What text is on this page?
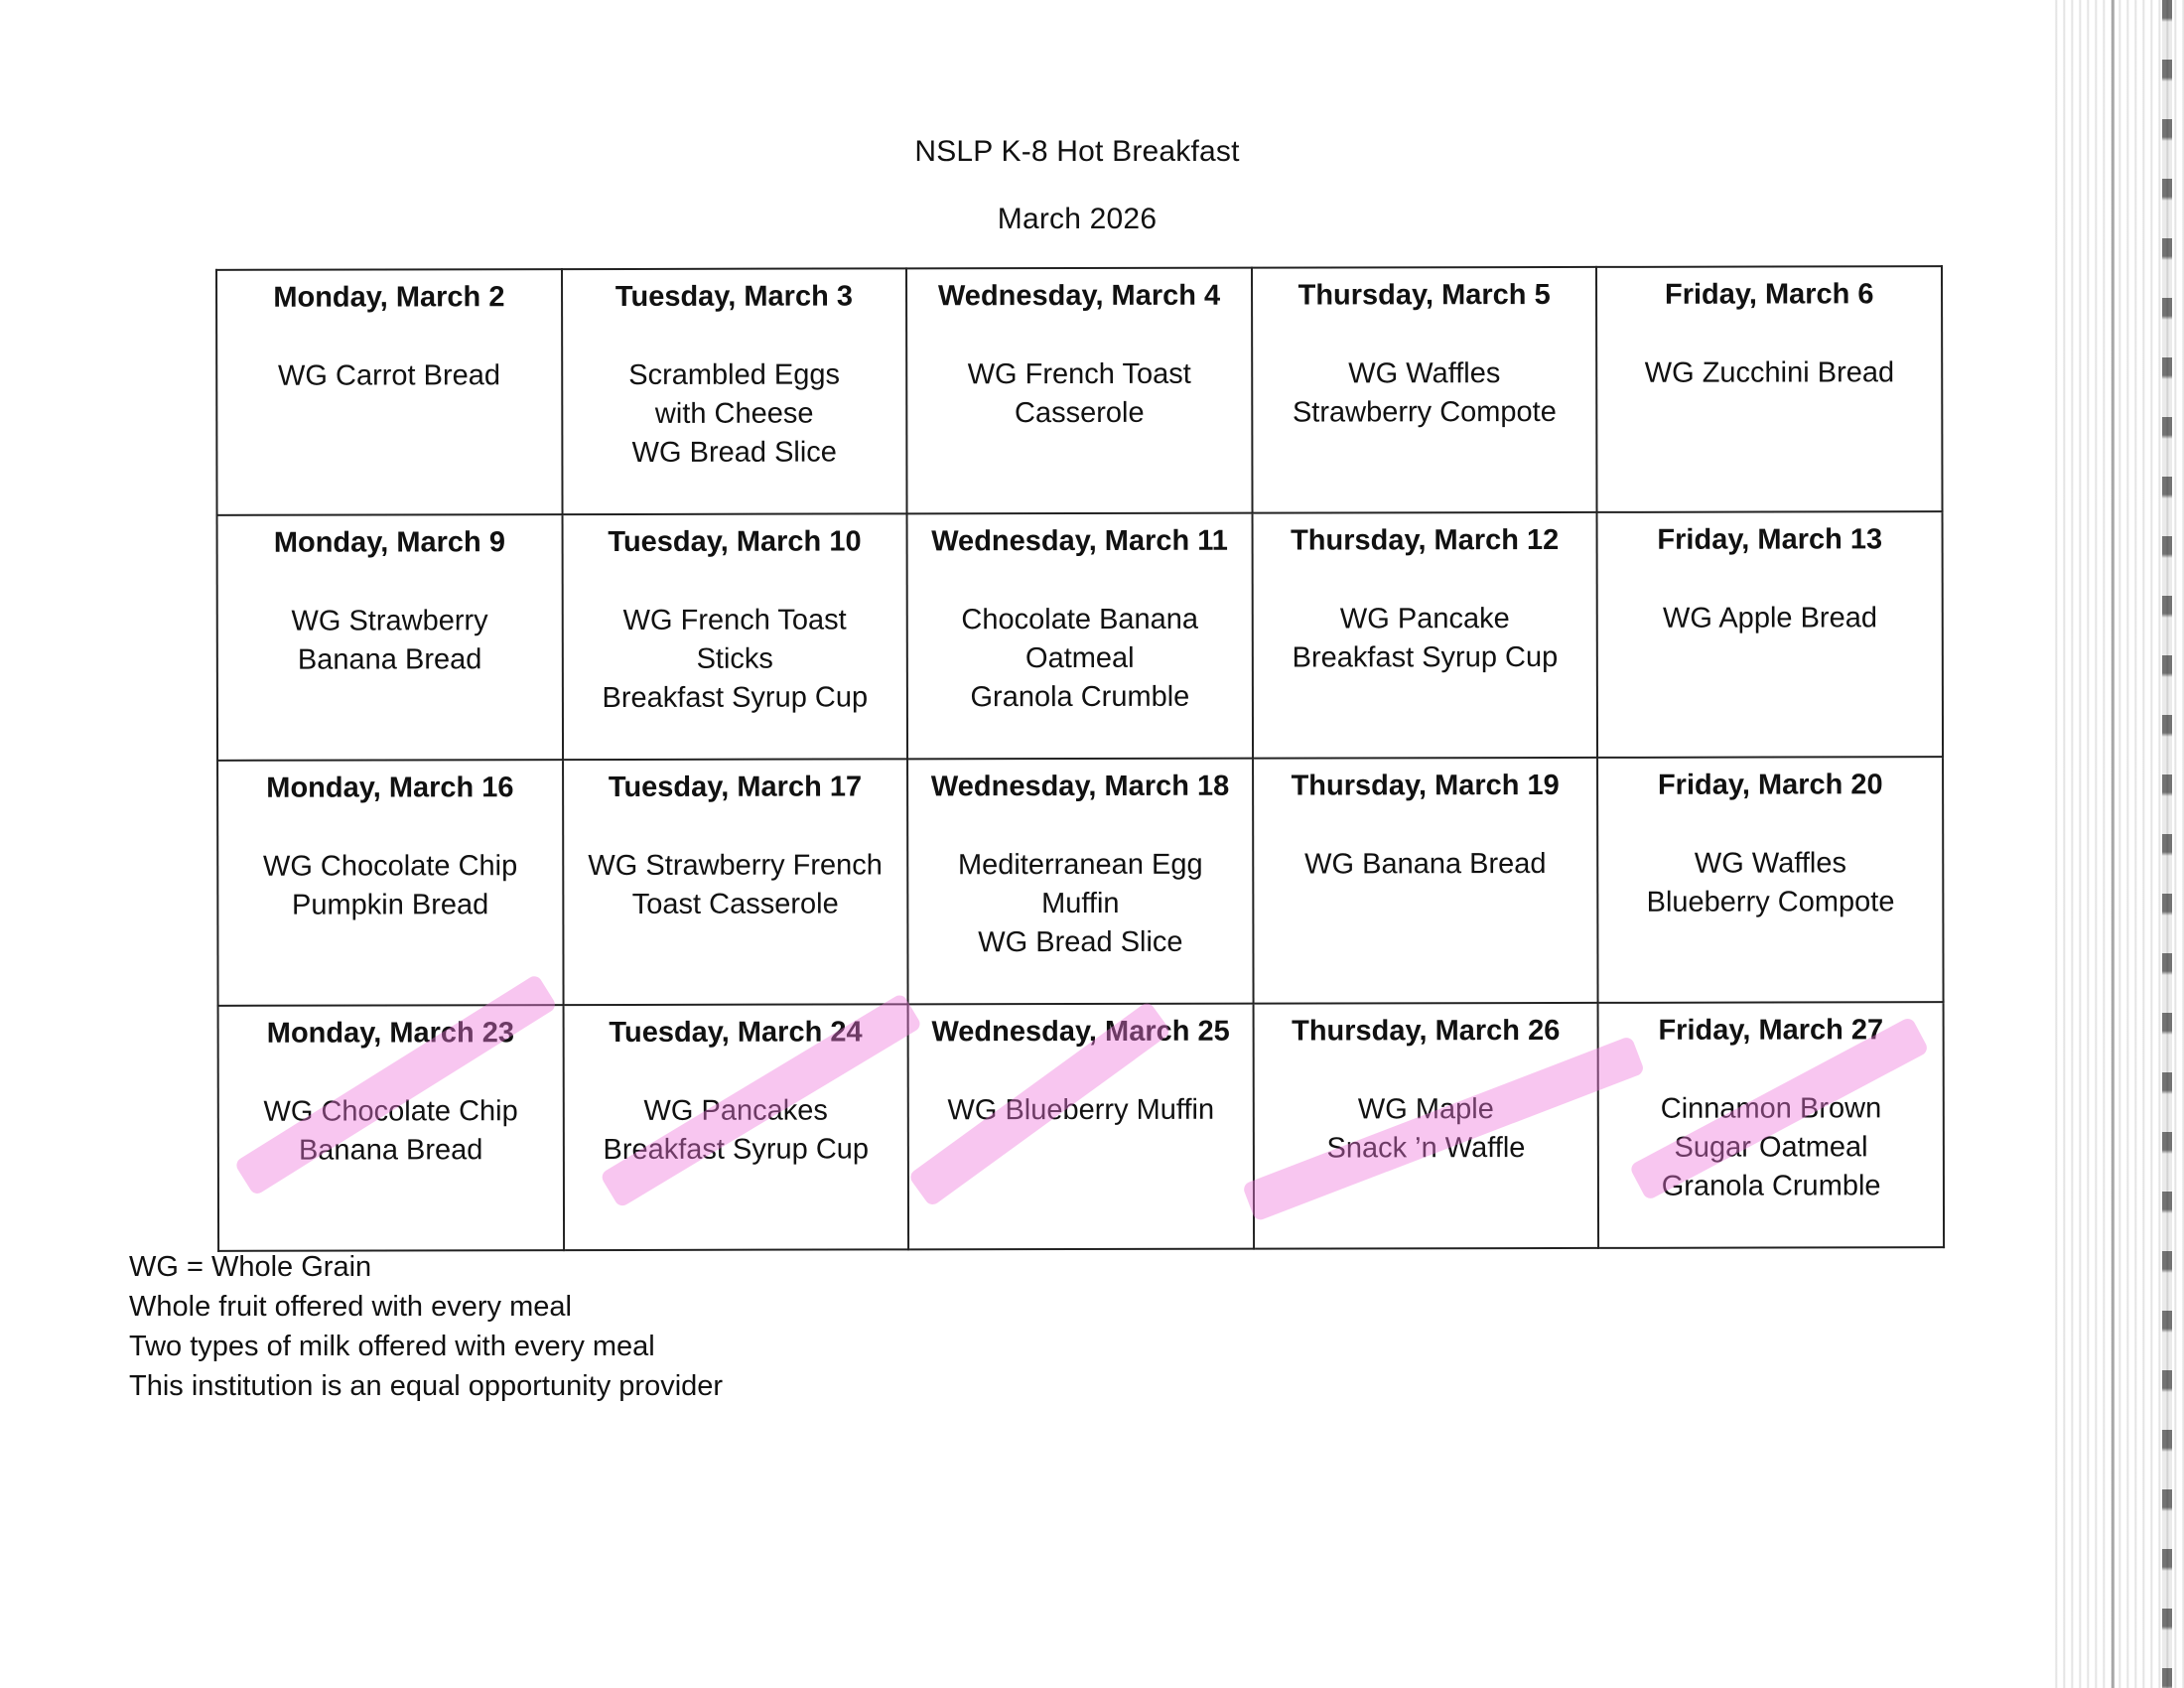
NSLP K-8 Hot Breakfast
March 2026
Monday, March 2
WG Carrot Bread	Tuesday, March 3
Scrambled Eggs
with Cheese
WG Bread Slice	Wednesday, March 4
WG French Toast
Casserole	Thursday, March 5
WG Waffles
Strawberry Compote	Friday, March 6
WG Zucchini Bread

Monday, March 9
WG Strawberry
Banana Bread	Tuesday, March 10
WG French Toast
Sticks
Breakfast Syrup Cup	Wednesday, March 11
Chocolate Banana
Oatmeal
Granola Crumble	Thursday, March 12
WG Pancake
Breakfast Syrup Cup	Friday, March 13
WG Apple Bread

Monday, March 16
WG Chocolate Chip
Pumpkin Bread	Tuesday, March 17
WG Strawberry French
Toast Casserole	Wednesday, March 18
Mediterranean Egg
Muffin
WG Bread Slice	Thursday, March 19
WG Banana Bread	Friday, March 20
WG Waffles
Blueberry Compote

Monday, March 23
WG Chocolate Chip
Banana Bread	Tuesday, March 24
WG Pancakes
Breakfast Syrup Cup	Wednesday, March 25
WG Blueberry Muffin	Thursday, March 26
WG Maple
Snack ’n Waffle	Friday, March 27
Cinnamon Brown
Sugar Oatmeal
Granola Crumble
WG = Whole Grain
Whole fruit offered with every meal
Two types of milk offered with every meal
This institution is an equal opportunity provider
